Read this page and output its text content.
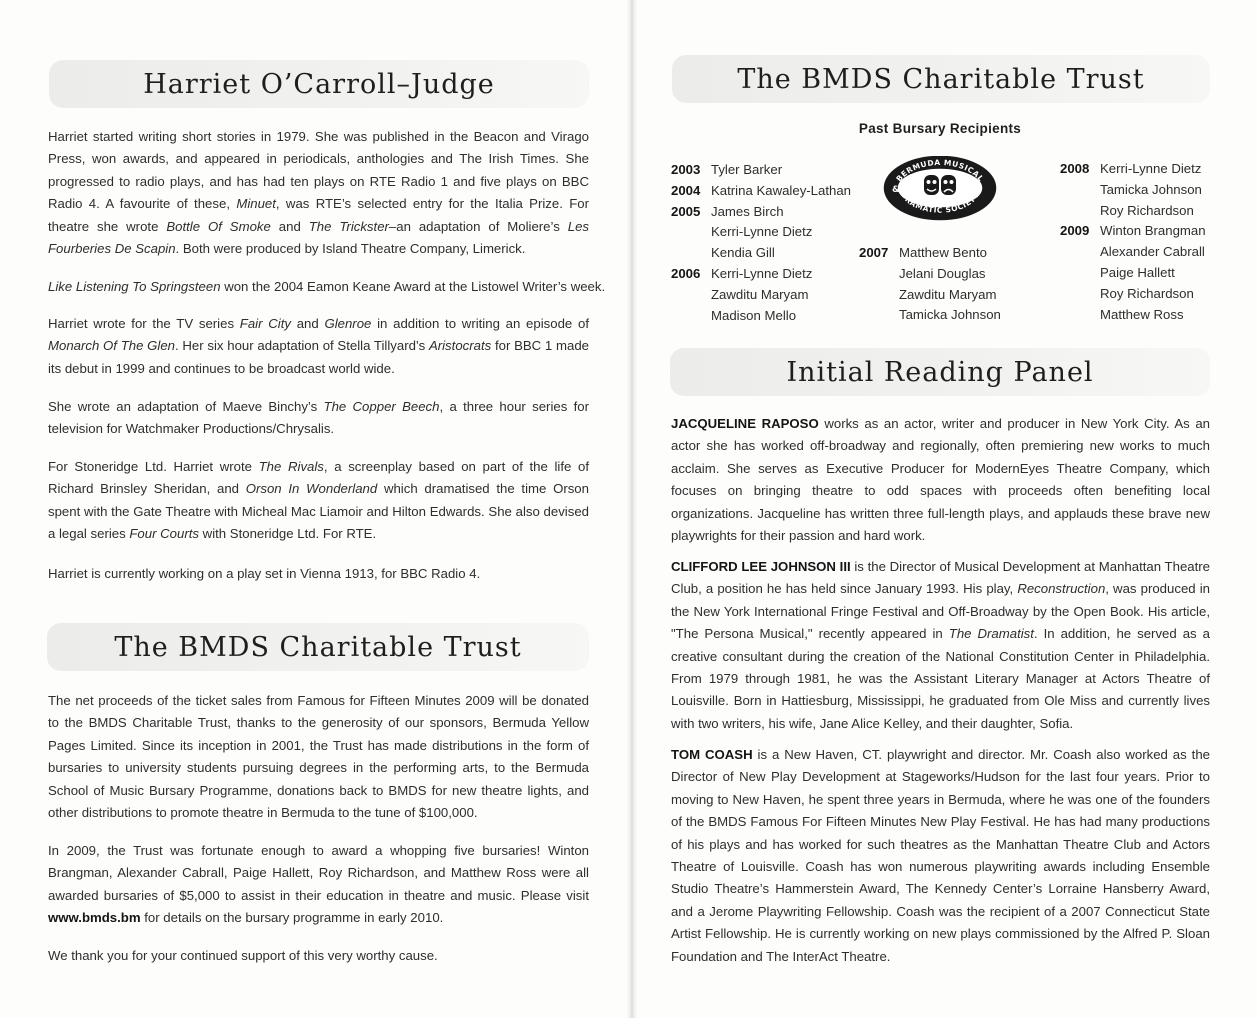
Harriet O’Carroll–Judge

Harriet started writing short stories in 1979. She was published in the Beacon and Virago Press, won awards, and appeared in periodicals, anthologies and The Irish Times. She progressed to radio plays, and has had ten plays on RTE Radio 1 and five plays on BBC Radio 4. A favourite of these, Minuet, was RTE’s selected entry for the Italia Prize. For theatre she wrote Bottle Of Smoke and The Trickster–an adaptation of Moliere’s Les Fourberies De Scapin. Both were produced by Island Theatre Company, Limerick.

Like Listening To Springsteen won the 2004 Eamon Keane Award at the Listowel Writer’s week.

Harriet wrote for the TV series Fair City and Glenroe in addition to writing an episode of Monarch Of The Glen. Her six hour adaptation of Stella Tillyard’s Aristocrats for BBC 1 made its debut in 1999 and continues to be broadcast world wide.

She wrote an adaptation of Maeve Binchy’s The Copper Beech, a three hour series for television for Watchmaker Productions/Chrysalis.

For Stoneridge Ltd. Harriet wrote The Rivals, a screenplay based on part of the life of Richard Brinsley Sheridan, and Orson In Wonderland which dramatised the time Orson spent with the Gate Theatre with Micheal Mac Liamoir and Hilton Edwards. She also devised a legal series Four Courts with Stoneridge Ltd. For RTE.

Harriet is currently working on a play set in Vienna 1913, for BBC Radio 4.
The BMDS Charitable Trust

The net proceeds of the ticket sales from Famous for Fifteen Minutes 2009 will be donated to the BMDS Charitable Trust, thanks to the generosity of our sponsors, Bermuda Yellow Pages Limited. Since its inception in 2001, the Trust has made distributions in the form of bursaries to university students pursuing degrees in the performing arts, to the Bermuda School of Music Bursary Programme, donations back to BMDS for new theatre lights, and other distributions to promote theatre in Bermuda to the tune of $100,000.

In 2009, the Trust was fortunate enough to award a whopping five bursaries! Winton Brangman, Alexander Cabrall, Paige Hallett, Roy Richardson, and Matthew Ross were all awarded bursaries of $5,000 to assist in their education in theatre and music. Please visit www.bmds.bm for details on the bursary programme in early 2010.

We thank you for your continued support of this very worthy cause.
The BMDS Charitable Trust
Past Bursary Recipients
2003 Tyler Barker
2004 Katrina Kawaley-Lathan
2005 James Birch
Kerri-Lynne Dietz
Kendia Gill
2006 Kerri-Lynne Dietz
Zawditu Maryam
Madison Mello
2007 Matthew Bento
Jelani Douglas
Zawditu Maryam
Tamicka Johnson
2008 Kerri-Lynne Dietz
Tamicka Johnson
Roy Richardson
2009 Winton Brangman
Alexander Cabrall
Paige Hallett
Roy Richardson
Matthew Ross
BERMUDA MUSICAL
DRAMATIC SOCIETY
&
Initial Reading Panel

JACQUELINE RAPOSO works as an actor, writer and producer in New York City. As an actor she has worked off-broadway and regionally, often premiering new works to much acclaim. She serves as Executive Producer for ModernEyes Theatre Company, which focuses on bringing theatre to odd spaces with proceeds often benefiting local organizations. Jacqueline has written three full-length plays, and applauds these brave new playwrights for their passion and hard work.

CLIFFORD LEE JOHNSON III is the Director of Musical Development at Manhattan Theatre Club, a position he has held since January 1993. His play, Reconstruction, was produced in the New York International Fringe Festival and Off-Broadway by the Open Book. His article, "The Persona Musical," recently appeared in The Dramatist. In addition, he served as a creative consultant during the creation of the National Constitution Center in Philadelphia. From 1979 through 1981, he was the Assistant Literary Manager at Actors Theatre of Louisville. Born in Hattiesburg, Mississippi, he graduated from Ole Miss and currently lives with two writers, his wife, Jane Alice Kelley, and their daughter, Sofia.

TOM COASH is a New Haven, CT. playwright and director. Mr. Coash also worked as the Director of New Play Development at Stageworks/Hudson for the last four years. Prior to moving to New Haven, he spent three years in Bermuda, where he was one of the founders of the BMDS Famous For Fifteen Minutes New Play Festival. He has had many productions of his plays and has worked for such theatres as the Manhattan Theatre Club and Actors Theatre of Louisville. Coash has won numerous playwriting awards including Ensemble Studio Theatre’s Hammerstein Award, The Kennedy Center’s Lorraine Hansberry Award, and a Jerome Playwriting Fellowship. Coash was the recipient of a 2007 Connecticut State Artist Fellowship. He is currently working on new plays commissioned by the Alfred P. Sloan Foundation and The InterAct Theatre.
